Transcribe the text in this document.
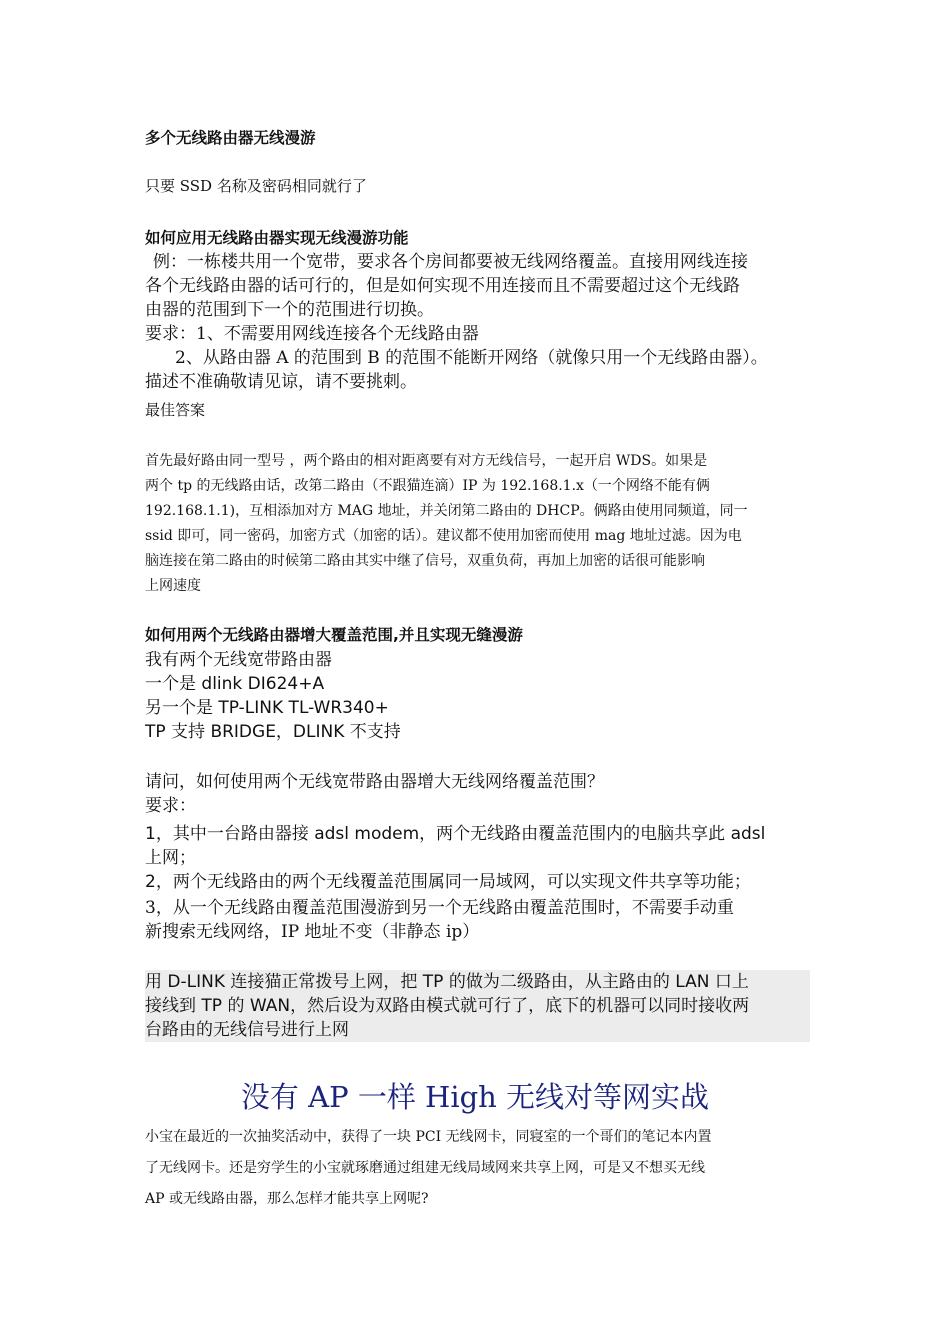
多个无线路由器无线漫游
只要 SSD 名称及密码相同就行了
如何应用无线路由器实现无线漫游功能
例：一栋楼共用一个宽带，要求各个房间都要被无线网络覆盖。直接用网线连接
各个无线路由器的话可行的，但是如何实现不用连接而且不需要超过这个无线路
由器的范围到下一个的范围进行切换。
要求：1、不需要用网线连接各个无线路由器
2、从路由器 A 的范围到 B 的范围不能断开网络（就像只用一个无线路由器）。
描述不准确敬请见谅，请不要挑刺。
最佳答案
首先最好路由同一型号 ，两个路由的相对距离要有对方无线信号，一起开启 WDS。如果是
两个 tp 的无线路由话，改第二路由（不跟猫连滴）IP 为 192.168.1.x（一个网络不能有俩
192.168.1.1)，互相添加对方 MAG 地址，并关闭第二路由的 DHCP。俩路由使用同频道，同一
ssid 即可，同一密码，加密方式（加密的话）。建议都不使用加密而使用 mag 地址过滤。因为电
脑连接在第二路由的时候第二路由其实中继了信号，双重负荷，再加上加密的话很可能影响
上网速度
如何用两个无线路由器增大覆盖范围,并且实现无缝漫游
我有两个无线宽带路由器
一个是 dlink DI624+A
另一个是 TP-LINK TL-WR340+
TP 支持 BRIDGE，DLINK 不支持
请问，如何使用两个无线宽带路由器增大无线网络覆盖范围？
要求：
1，其中一台路由器接 adsl modem，两个无线路由覆盖范围内的电脑共享此 adsl
上网；
2，两个无线路由的两个无线覆盖范围属同一局域网，可以实现文件共享等功能；
3，从一个无线路由覆盖范围漫游到另一个无线路由覆盖范围时，不需要手动重
新搜索无线网络，IP 地址不变（非静态 ip）
用 D-LINK 连接猫正常拨号上网，把 TP 的做为二级路由，从主路由的 LAN 口上
接线到 TP 的 WAN，然后设为双路由模式就可行了，底下的机器可以同时接收两
台路由的无线信号进行上网
没有 AP 一样 High 无线对等网实战
小宝在最近的一次抽奖活动中，获得了一块 PCI 无线网卡，同寝室的一个哥们的笔记本内置
了无线网卡。还是穷学生的小宝就琢磨通过组建无线局域网来共享上网，可是又不想买无线
AP 或无线路由器，那么怎样才能共享上网呢?
